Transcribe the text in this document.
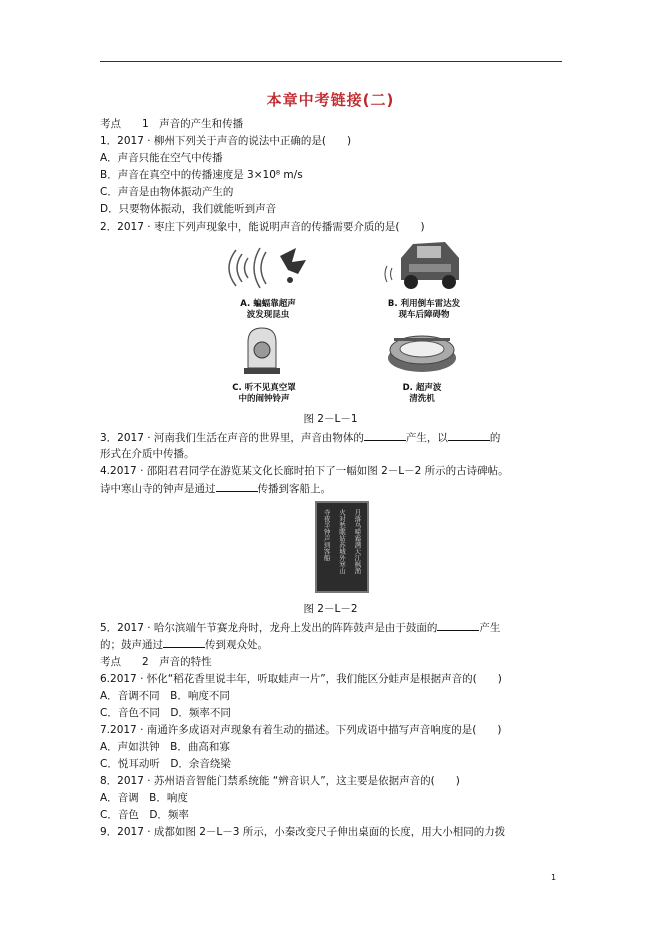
本章中考链接(二)
考点　　1　声音的产生和传播
1．2017 · 柳州下列关于声音的说法中正确的是(　　)
A．声音只能在空气中传播
B．声音在真空中的传播速度是 3×10⁸ m/s
C．声音是由物体振动产生的
D．只要物体振动，我们就能听到声音
2．2017 · 枣庄下列声现象中，能说明声音的传播需要介质的是(　　)
A. 蝙蝠靠超声
波发现昆虫
B. 利用倒车雷达发
现车后障碍物
C. 听不见真空罩
中的闹钟铃声
D. 超声波
清洗机
图 2－L－1
3．2017 · 河南我们生活在声音的世界里，声音由物体的	产生，以	的
形式在介质中传播。
4.2017 · 邵阳君君同学在游览某文化长廊时拍下了一幅如图 2－L－2 所示的古诗碑帖。
诗中寒山寺的钟声是通过	传播到客船上。
月落乌啼霜满天江枫渔
火对愁眠姑苏城外寒山
寺夜半钟声到客船
图 2－L－2
5．2017 · 哈尔滨端午节赛龙舟时，龙舟上发出的阵阵鼓声是由于鼓面的	产生
的；鼓声通过	传到观众处。
考点　　2　声音的特性
6.2017 · 怀化“稻花香里说丰年，听取蛙声一片”，我们能区分蛙声是根据声音的(　　)
A．音调不同　B．响度不同
C．音色不同　D．频率不同
7.2017 · 南通许多成语对声现象有着生动的描述。下列成语中描写声音响度的是(　　)
A．声如洪钟　B．曲高和寡
C．悦耳动听　D．余音绕梁
8．2017 · 苏州语音智能门禁系统能 “辨音识人”，这主要是依据声音的(　　)
A．音调　B．响度
C．音色　D．频率
9．2017 · 成都如图 2－L－3 所示，小秦改变尺子伸出桌面的长度，用大小相同的力拨
1
